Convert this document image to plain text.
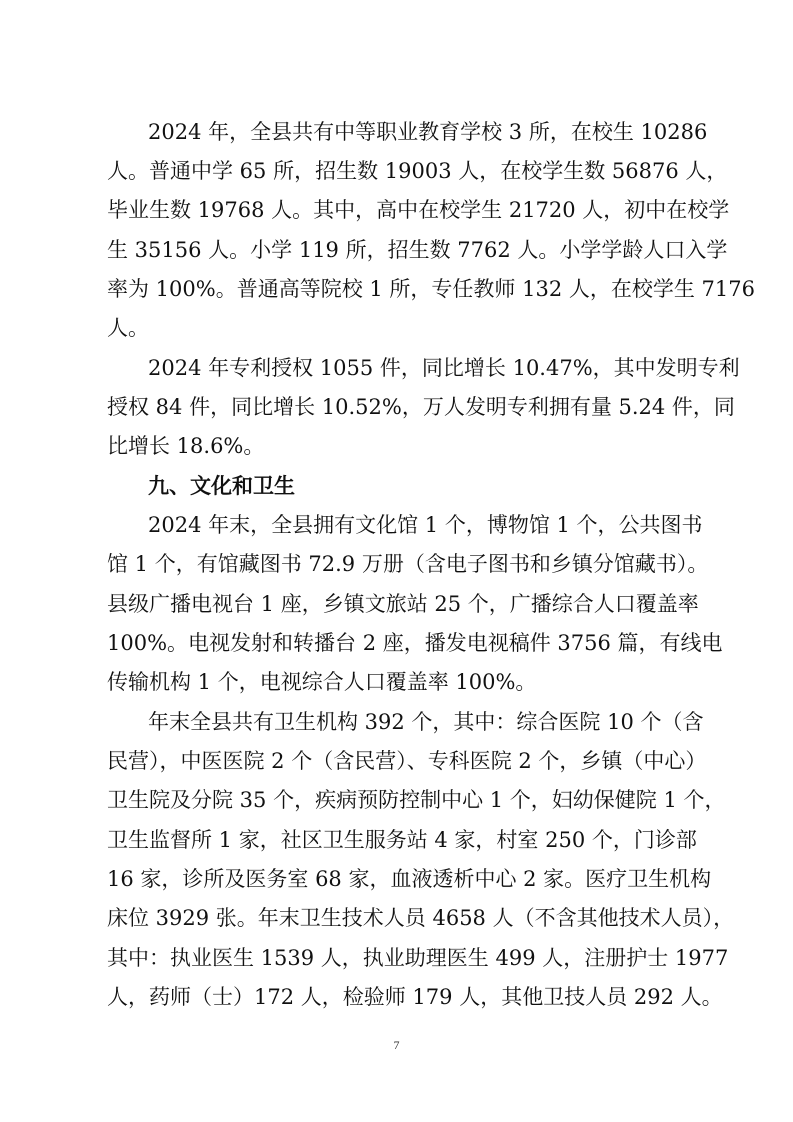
2024 年，全县共有中等职业教育学校 3 所，在校生 10286
人。普通中学 65 所，招生数 19003 人，在校学生数 56876 人，
毕业生数 19768 人。其中，高中在校学生 21720 人，初中在校学
生 35156 人。小学 119 所，招生数 7762 人。小学学龄人口入学
率为 100%。普通高等院校 1 所，专任教师 132 人，在校学生 7176
人。
2024 年专利授权 1055 件，同比增长 10.47%，其中发明专利
授权 84 件，同比增长 10.52%，万人发明专利拥有量 5.24 件，同
比增长 18.6%。
九、文化和卫生
2024 年末，全县拥有文化馆 1 个，博物馆 1 个，公共图书
馆 1 个，有馆藏图书 72.9 万册（含电子图书和乡镇分馆藏书）。
县级广播电视台 1 座，乡镇文旅站 25 个，广播综合人口覆盖率
100%。电视发射和转播台 2 座，播发电视稿件 3756 篇，有线电
传输机构 1 个，电视综合人口覆盖率 100%。
年末全县共有卫生机构 392 个，其中：综合医院 10 个（含
民营），中医医院 2 个（含民营）、专科医院 2 个，乡镇（中心）
卫生院及分院 35 个，疾病预防控制中心 1 个，妇幼保健院 1 个，
卫生监督所 1 家，社区卫生服务站 4 家，村室 250 个，门诊部
16 家，诊所及医务室 68 家，血液透析中心 2 家。医疗卫生机构
床位 3929 张。年末卫生技术人员 4658 人（不含其他技术人员），
其中：执业医生 1539 人，执业助理医生 499 人，注册护士 1977
人，药师（士）172 人，检验师 179 人，其他卫技人员 292 人。
7
